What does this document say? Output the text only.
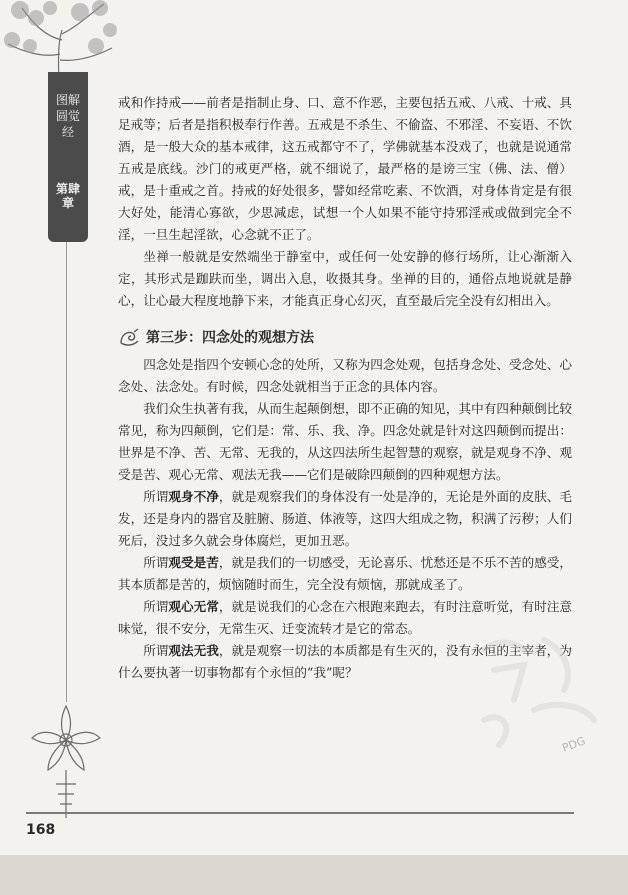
图解圆觉经
第肆章

戒和作持戒——前者是指制止身、口、意不作恶，主要包括五戒、八戒、十戒、具足戒等；后者是指积极奉行作善。五戒是不杀生、不偷盗、不邪淫、不妄语、不饮酒，是一般大众的基本戒律，这五戒都守不了，学佛就基本没戏了，也就是说通常五戒是底线。沙门的戒更严格，就不细说了，最严格的是谤三宝（佛、法、僧）戒，是十重戒之首。持戒的好处很多，譬如经常吃素、不饮酒，对身体肯定是有很大好处，能清心寡欲，少思减虑，试想一个人如果不能守持邪淫戒或做到完全不淫，一旦生起淫欲，心念就不正了。

坐禅一般就是安然端坐于静室中，或任何一处安静的修行场所，让心渐渐入定，其形式是跏趺而坐，调出入息，收摄其身。坐禅的目的，通俗点地说就是静心，让心最大程度地静下来，才能真正身心幻灭，直至最后完全没有幻相出入。

第三步：四念处的观想方法

四念处是指四个安顿心念的处所，又称为四念处观，包括身念处、受念处、心念处、法念处。有时候，四念处就相当于正念的具体内容。

我们众生执著有我，从而生起颠倒想，即不正确的知见，其中有四种颠倒比较常见，称为四颠倒，它们是：常、乐、我、净。四念处就是针对这四颠倒而提出：世界是不净、苦、无常、无我的，从这四法所生起智慧的观察，就是观身不净、观受是苦、观心无常、观法无我——它们是破除四颠倒的四种观想方法。

所谓观身不净，就是观察我们的身体没有一处是净的，无论是外面的皮肤、毛发，还是身内的器官及脏腑、肠道、体液等，这四大组成之物，积满了污秽；人们死后，没过多久就会身体腐烂，更加丑恶。

所谓观受是苦，就是我们的一切感受，无论喜乐、忧愁还是不乐不苦的感受，其本质都是苦的，烦恼随时而生，完全没有烦恼，那就成圣了。

所谓观心无常，就是说我们的心念在六根跑来跑去，有时注意听觉，有时注意味觉，很不安分，无常生灭、迁变流转才是它的常态。

所谓观法无我，就是观察一切法的本质都是有生灭的，没有永恒的主宰者，为什么要执著一切事物都有个永恒的“我”呢？

PDG
168
